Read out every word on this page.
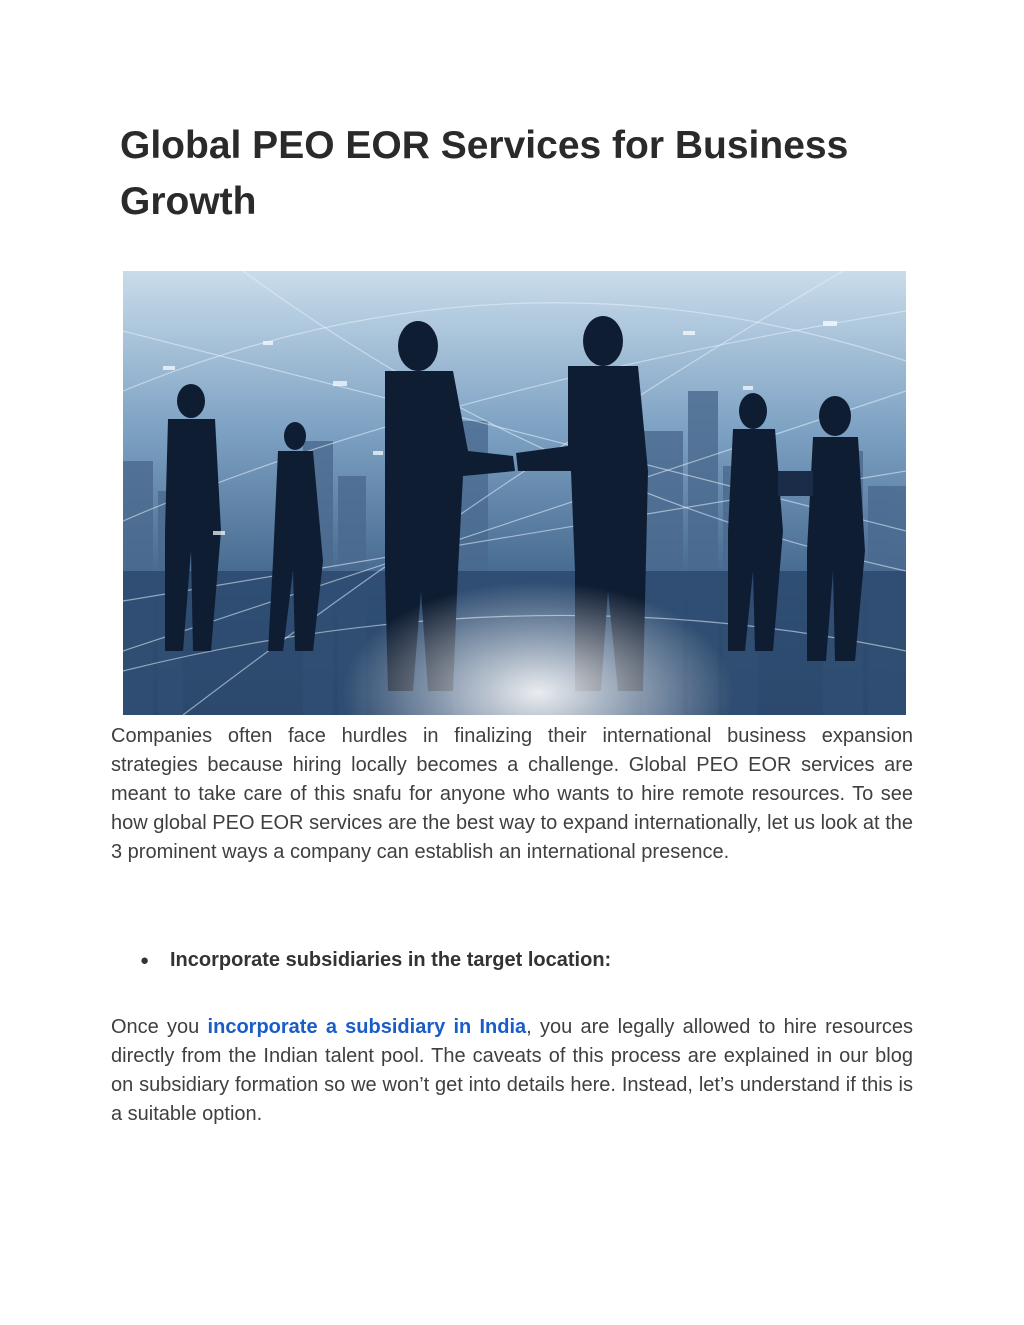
Global PEO EOR Services for Business Growth

Companies often face hurdles in finalizing their international business expansion strategies because hiring locally becomes a challenge. Global PEO EOR services are meant to take care of this snafu for anyone who wants to hire remote resources. To see how global PEO EOR services are the best way to expand internationally, let us look at the 3 prominent ways a company can establish an international presence.

●	Incorporate subsidiaries in the target location:

Once you incorporate a subsidiary in India, you are legally allowed to hire resources directly from the Indian talent pool. The caveats of this process are explained in our blog on subsidiary formation so we won’t get into details here. Instead, let’s understand if this is a suitable option.
